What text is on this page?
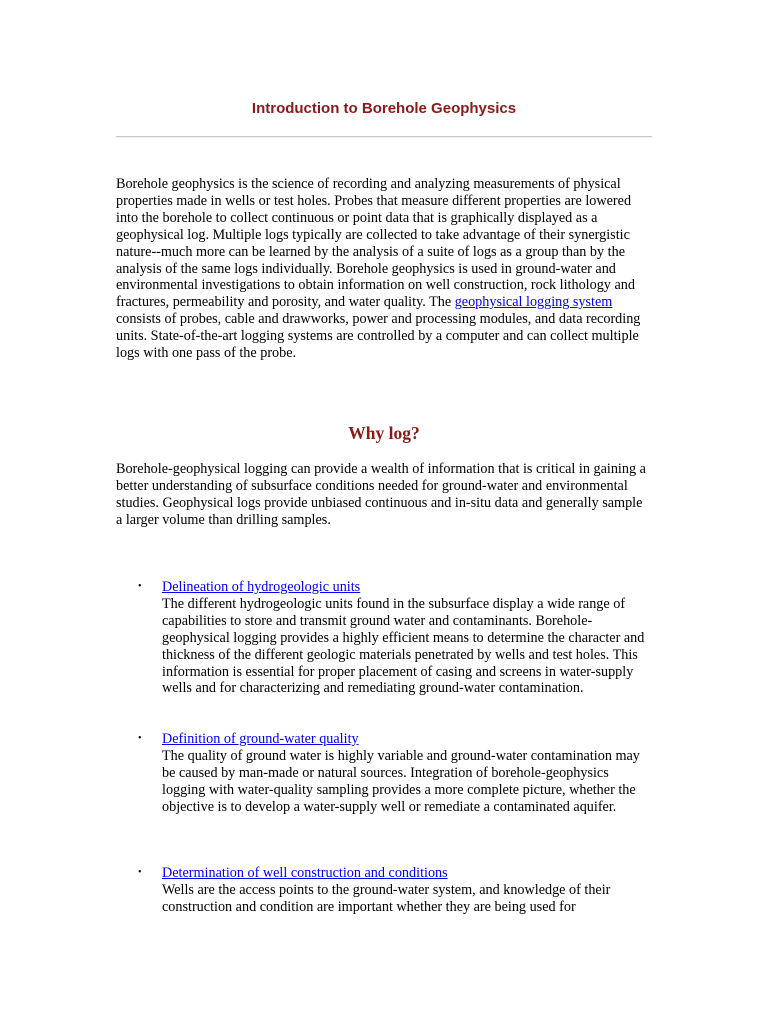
Introduction to Borehole Geophysics

Borehole geophysics is the science of recording and analyzing measurements of physical properties made in wells or test holes. Probes that measure different properties are lowered into the borehole to collect continuous or point data that is graphically displayed as a geophysical log. Multiple logs typically are collected to take advantage of their synergistic nature--much more can be learned by the analysis of a suite of logs as a group than by the analysis of the same logs individually. Borehole geophysics is used in ground-water and environmental investigations to obtain information on well construction, rock lithology and fractures, permeability and porosity, and water quality. The geophysical logging system consists of probes, cable and drawworks, power and processing modules, and data recording units. State-of-the-art logging systems are controlled by a computer and can collect multiple logs with one pass of the probe.

Why log?

Borehole-geophysical logging can provide a wealth of information that is critical in gaining a better understanding of subsurface conditions needed for ground-water and environmental studies. Geophysical logs provide unbiased continuous and in-situ data and generally sample a larger volume than drilling samples.

•	Delineation of hydrogeologic units
The different hydrogeologic units found in the subsurface display a wide range of capabilities to store and transmit ground water and contaminants. Borehole-geophysical logging provides a highly efficient means to determine the character and thickness of the different geologic materials penetrated by wells and test holes. This information is essential for proper placement of casing and screens in water-supply wells and for characterizing and remediating ground-water contamination.
•	Definition of ground-water quality
The quality of ground water is highly variable and ground-water contamination may be caused by man-made or natural sources. Integration of borehole-geophysics logging with water-quality sampling provides a more complete picture, whether the objective is to develop a water-supply well or remediate a contaminated aquifer.
•	Determination of well construction and conditions
Wells are the access points to the ground-water system, and knowledge of their construction and condition are important whether they are being used for
